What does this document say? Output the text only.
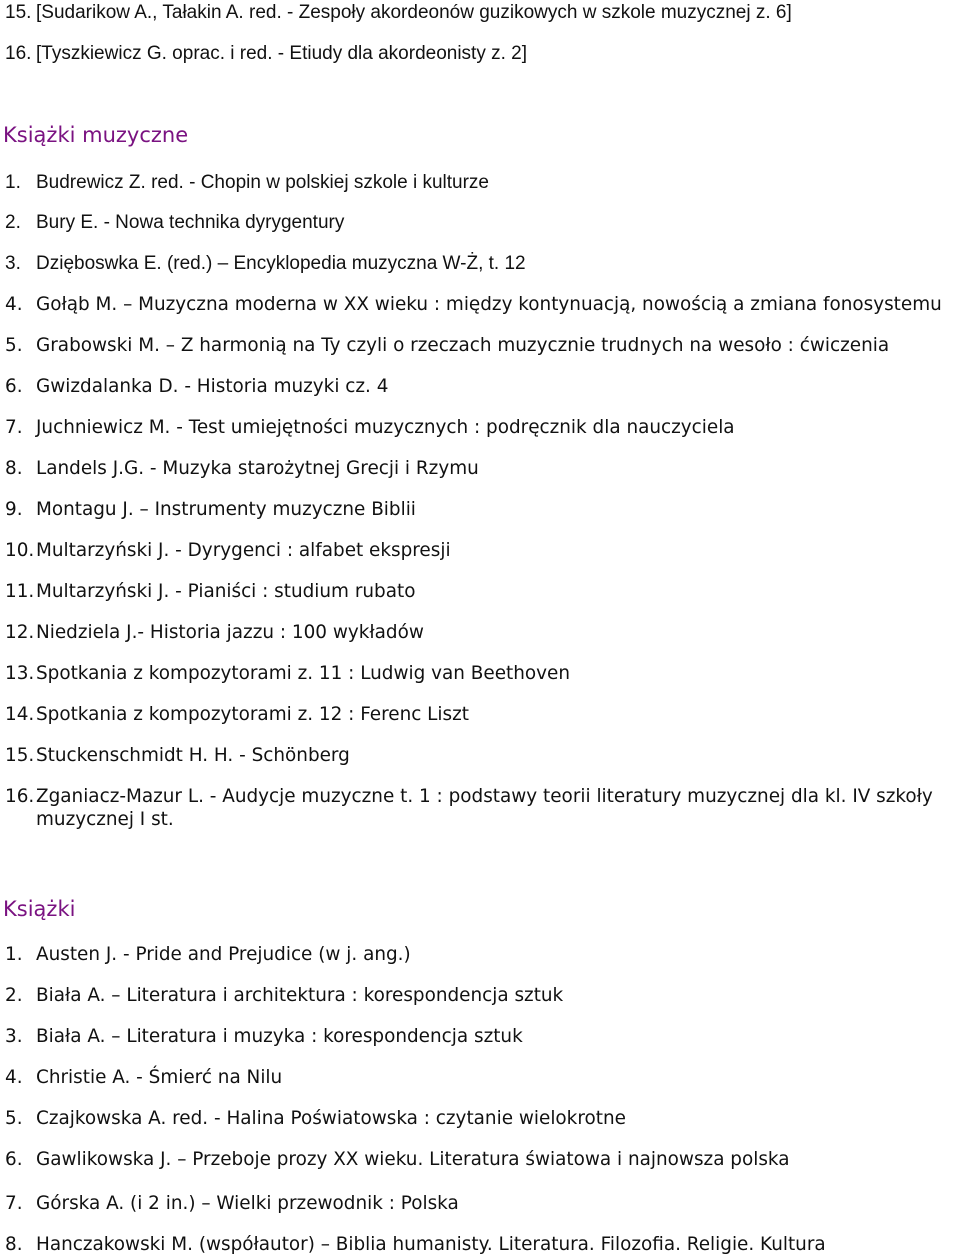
15. [Sudarikow A., Tałakin A. red. - Zespoły akordeonów guzikowych w szkole muzycznej z. 6]
16. [Tyszkiewicz G. oprac. i red. - Etiudy dla akordeonisty z. 2]
Książki muzyczne
1. Budrewicz Z. red. - Chopin w polskiej szkole i kulturze
2. Bury E. - Nowa technika dyrygentury
3. Dzięboswka E. (red.) – Encyklopedia muzyczna W-Ż, t. 12
4. Gołąb M. – Muzyczna moderna w XX wieku : między kontynuacją, nowością a zmiana fonosystemu
5. Grabowski M. – Z harmonią na Ty czyli o rzeczach muzycznie trudnych na wesoło : ćwiczenia
6. Gwizdalanka D. - Historia muzyki cz. 4
7. Juchniewicz M. - Test umiejętności muzycznych : podręcznik dla nauczyciela
8. Landels J.G. - Muzyka starożytnej Grecji i Rzymu
9. Montagu J. – Instrumenty muzyczne Biblii
10. Multarzyński J. - Dyrygenci : alfabet ekspresji
11. Multarzyński J. - Pianiści : studium rubato
12. Niedziela J.- Historia jazzu : 100 wykładów
13. Spotkania z kompozytorami z. 11 : Ludwig van Beethoven
14. Spotkania z kompozytorami z. 12 : Ferenc Liszt
15. Stuckenschmidt H. H. - Schönberg
16. Zganiacz-Mazur L. - Audycje muzyczne t. 1 : podstawy teorii literatury muzycznej dla kl. IV szkoły muzycznej I st.
Książki
1. Austen J. - Pride and Prejudice (w j. ang.)
2. Biała A. – Literatura i architektura : korespondencja sztuk
3. Biała A. – Literatura i muzyka : korespondencja sztuk
4. Christie A. - Śmierć na Nilu
5. Czajkowska A. red. - Halina Poświatowska : czytanie wielokrotne
6. Gawlikowska J. – Przeboje prozy XX wieku. Literatura światowa i najnowsza polska
7. Górska A. (i 2 in.) – Wielki przewodnik : Polska
8. Hanczakowski M. (współautor) – Biblia humanisty. Literatura. Filozofia. Religie. Kultura
